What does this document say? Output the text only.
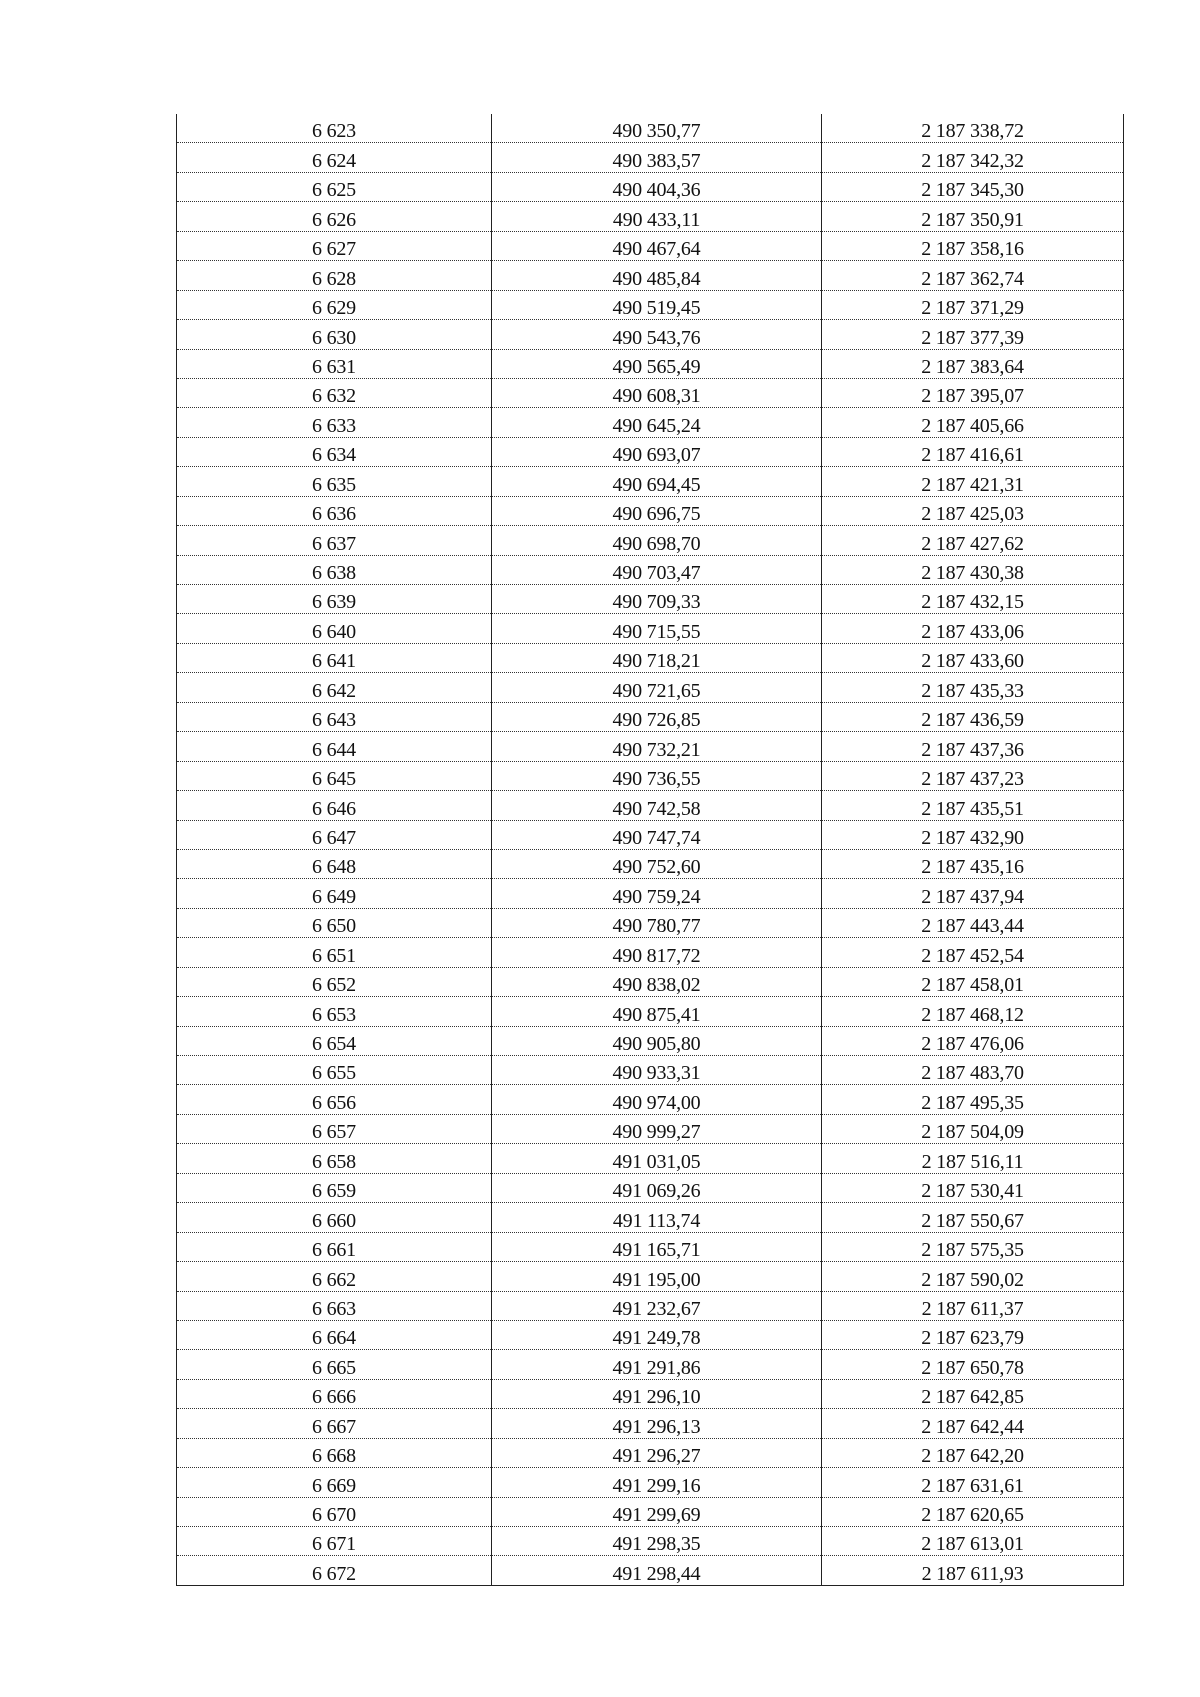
6 623	490 350,77	2 187 338,72
6 624	490 383,57	2 187 342,32
6 625	490 404,36	2 187 345,30
6 626	490 433,11	2 187 350,91
6 627	490 467,64	2 187 358,16
6 628	490 485,84	2 187 362,74
6 629	490 519,45	2 187 371,29
6 630	490 543,76	2 187 377,39
6 631	490 565,49	2 187 383,64
6 632	490 608,31	2 187 395,07
6 633	490 645,24	2 187 405,66
6 634	490 693,07	2 187 416,61
6 635	490 694,45	2 187 421,31
6 636	490 696,75	2 187 425,03
6 637	490 698,70	2 187 427,62
6 638	490 703,47	2 187 430,38
6 639	490 709,33	2 187 432,15
6 640	490 715,55	2 187 433,06
6 641	490 718,21	2 187 433,60
6 642	490 721,65	2 187 435,33
6 643	490 726,85	2 187 436,59
6 644	490 732,21	2 187 437,36
6 645	490 736,55	2 187 437,23
6 646	490 742,58	2 187 435,51
6 647	490 747,74	2 187 432,90
6 648	490 752,60	2 187 435,16
6 649	490 759,24	2 187 437,94
6 650	490 780,77	2 187 443,44
6 651	490 817,72	2 187 452,54
6 652	490 838,02	2 187 458,01
6 653	490 875,41	2 187 468,12
6 654	490 905,80	2 187 476,06
6 655	490 933,31	2 187 483,70
6 656	490 974,00	2 187 495,35
6 657	490 999,27	2 187 504,09
6 658	491 031,05	2 187 516,11
6 659	491 069,26	2 187 530,41
6 660	491 113,74	2 187 550,67
6 661	491 165,71	2 187 575,35
6 662	491 195,00	2 187 590,02
6 663	491 232,67	2 187 611,37
6 664	491 249,78	2 187 623,79
6 665	491 291,86	2 187 650,78
6 666	491 296,10	2 187 642,85
6 667	491 296,13	2 187 642,44
6 668	491 296,27	2 187 642,20
6 669	491 299,16	2 187 631,61
6 670	491 299,69	2 187 620,65
6 671	491 298,35	2 187 613,01
6 672	491 298,44	2 187 611,93
